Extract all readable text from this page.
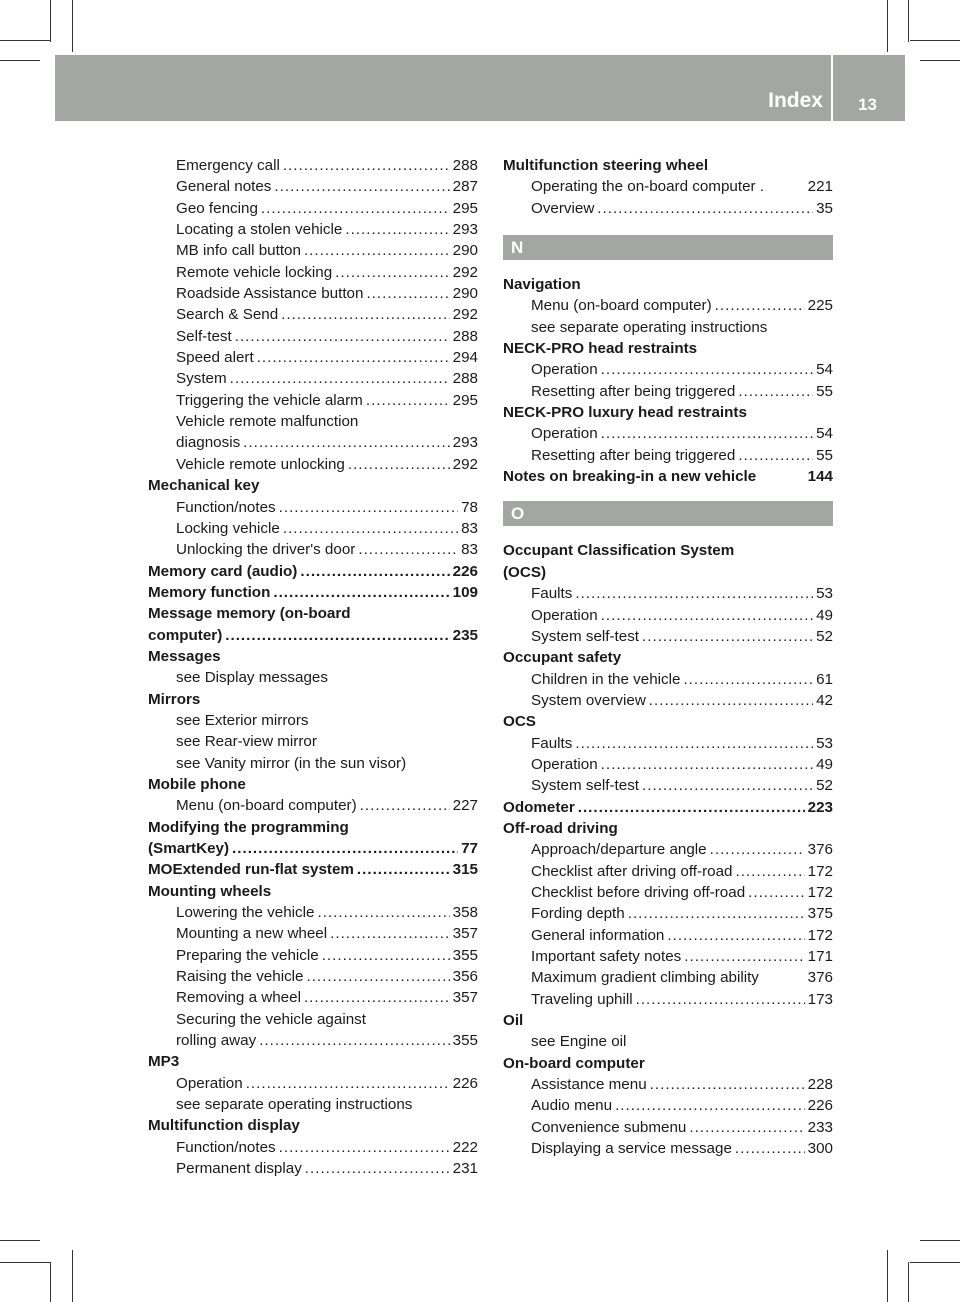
Index 13
Emergency call .....	288
General notes .....	287
Geo fencing .....	295
Locating a stolen vehicle .....	293
MB info call button .....	290
Remote vehicle locking .....	292
Roadside Assistance button .....	290
Search & Send .....	292
Self-test .....	288
Speed alert .....	294
System .....	288
Triggering the vehicle alarm .....	295
Vehicle remote malfunction
diagnosis .....	293
Vehicle remote unlocking .....	292
Mechanical key
Function/notes .....	78
Locking vehicle .....	83
Unlocking the driver's door .....	83
Memory card (audio) .....	226
Memory function .....	109
Message memory (on-board
computer) .....	235
Messages
see Display messages
Mirrors
see Exterior mirrors
see Rear-view mirror
see Vanity mirror (in the sun visor)
Mobile phone
Menu (on-board computer) .....	227
Modifying the programming
(SmartKey) .....	77
MOExtended run-flat system .....	315
Mounting wheels
Lowering the vehicle .....	358
Mounting a new wheel .....	357
Preparing the vehicle .....	355
Raising the vehicle .....	356
Removing a wheel .....	357
Securing the vehicle against
rolling away .....	355
MP3
Operation .....	226
see separate operating instructions
Multifunction display
Function/notes .....	222
Permanent display .....	231
Multifunction steering wheel
Operating the on-board computer .	221
Overview .....	35
N
Navigation
Menu (on-board computer) .....	225
see separate operating instructions
NECK-PRO head restraints
Operation .....	54
Resetting after being triggered .....	55
NECK-PRO luxury head restraints
Operation .....	54
Resetting after being triggered .....	55
Notes on breaking-in a new vehicle	144
O
Occupant Classification System
(OCS)
Faults .....	53
Operation .....	49
System self-test .....	52
Occupant safety
Children in the vehicle .....	61
System overview .....	42
OCS
Faults .....	53
Operation .....	49
System self-test .....	52
Odometer .....	223
Off-road driving
Approach/departure angle .....	376
Checklist after driving off-road .....	172
Checklist before driving off-road .....	172
Fording depth .....	375
General information .....	172
Important safety notes .....	171
Maximum gradient climbing ability	376
Traveling uphill .....	173
Oil
see Engine oil
On-board computer
Assistance menu .....	228
Audio menu .....	226
Convenience submenu .....	233
Displaying a service message .....	300
